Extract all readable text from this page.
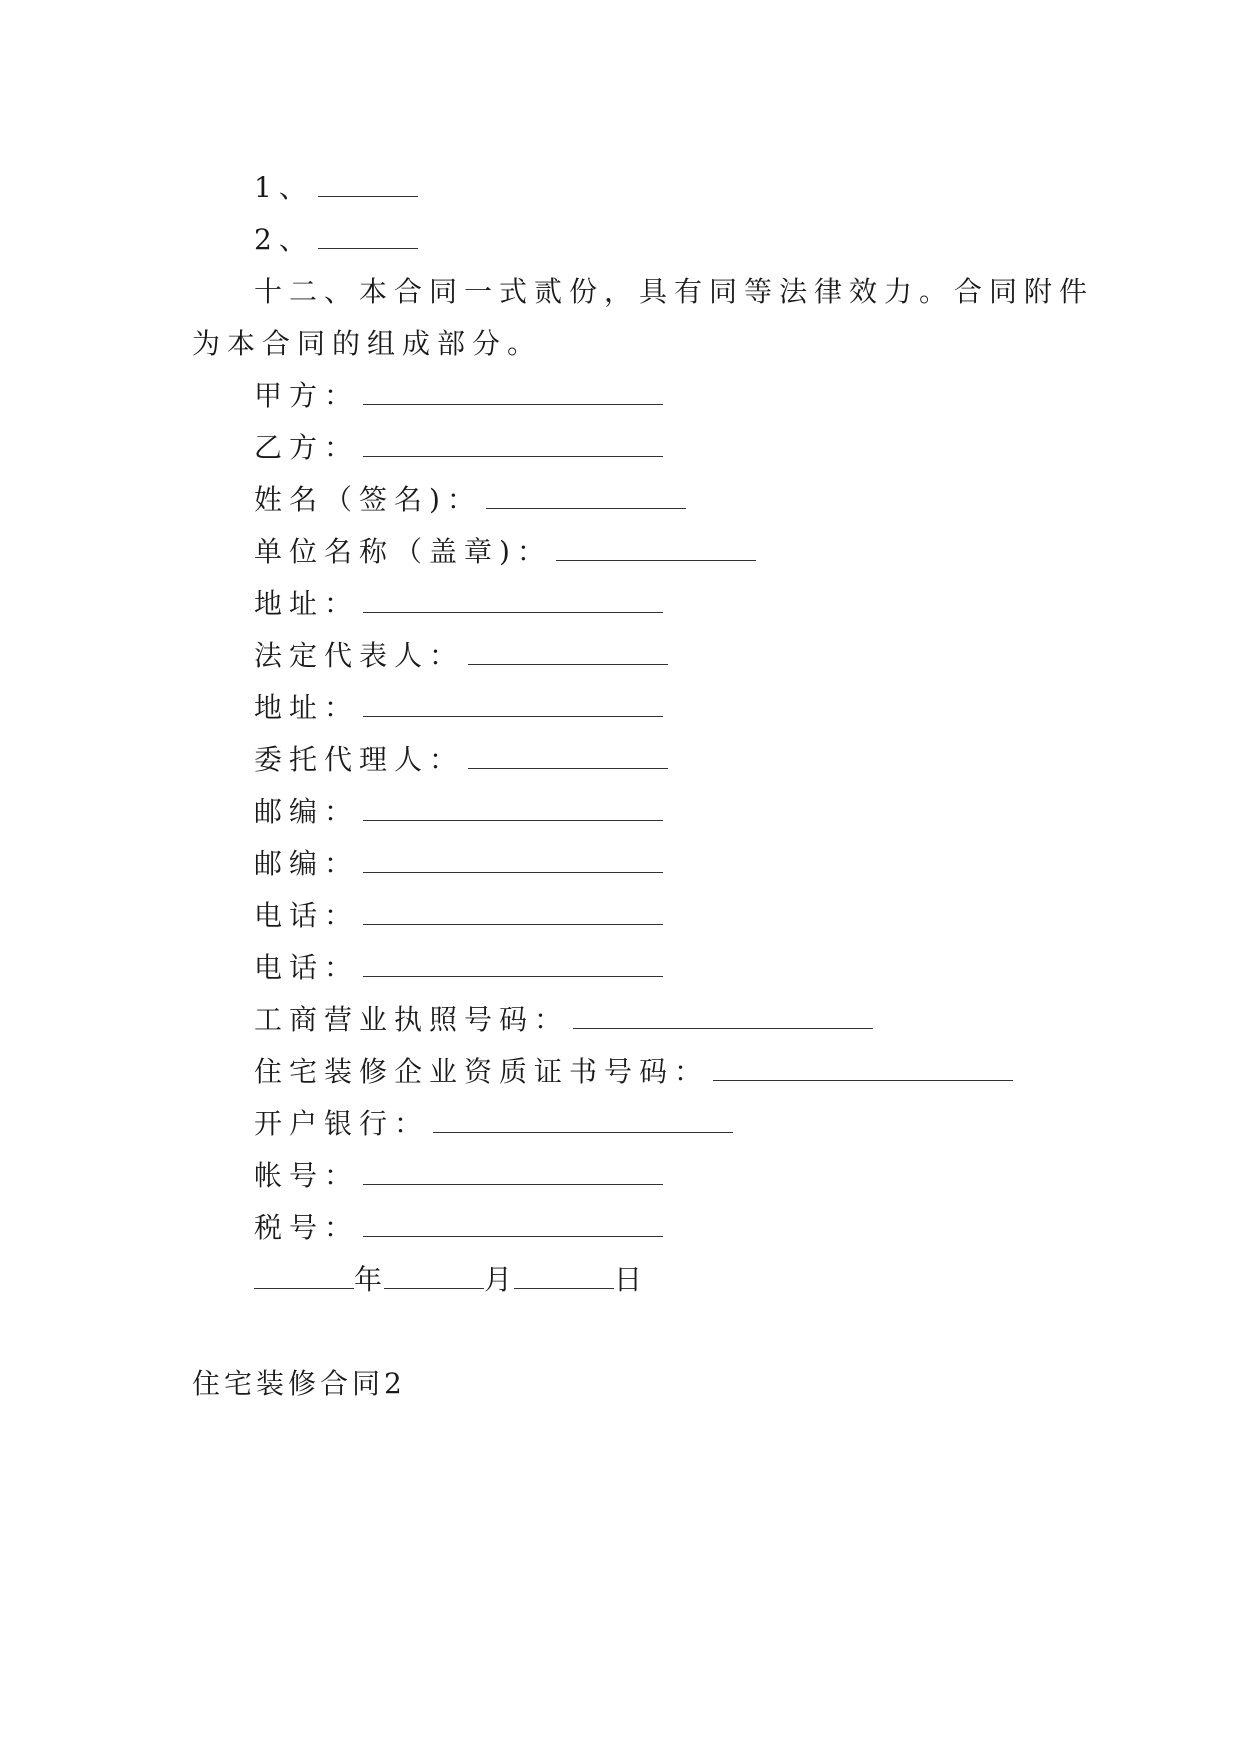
1、
2、
十二、本合同一式贰份，具有同等法律效力。合同附件
为本合同的组成部分。
甲方：
乙方：
姓名（签名)：
单位名称（盖章)：
地址：
法定代表人：
地址：
委托代理人：
邮编：
邮编：
电话：
电话：
工商营业执照号码：
住宅装修企业资质证书号码：
开户银行：
帐号：
税号：
年	月	日
住宅装修合同2
